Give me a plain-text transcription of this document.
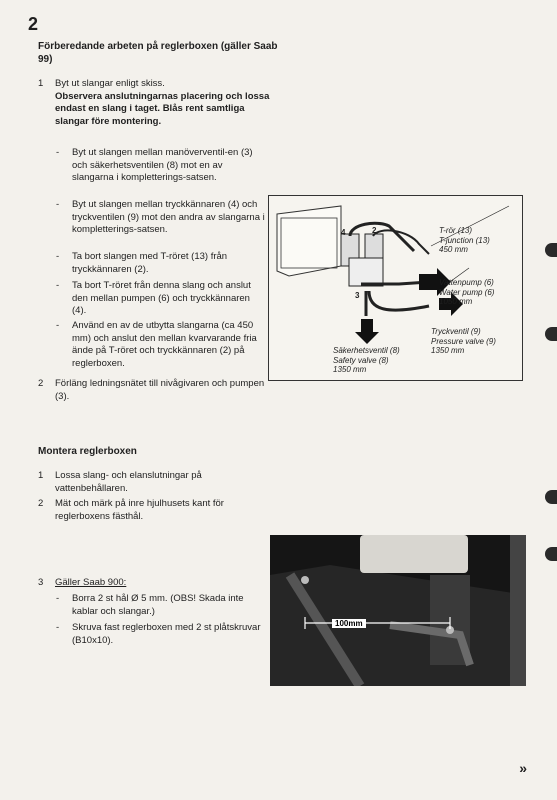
2
Förberedande arbeten på reglerboxen (gäller Saab 99)
1 Byt ut slangar enligt skiss.
Observera anslutningarnas placering och lossa endast en slang i taget. Blås rent samtliga slangar före montering.
- Byt ut slangen mellan manöverventil-en (3) och säkerhetsventilen (8) mot en av slangarna i kompletterings-satsen.
- Byt ut slangen mellan tryckkännaren (4) och tryckventilen (9) mot den andra av slangarna i kompletterings-satsen.
- Ta bort slangen med T-röret (13) från tryckkännaren (2).
- Ta bort T-röret från denna slang och anslut den mellan pumpen (6) och tryckkännaren (4).
- Använd en av de utbytta slangarna (ca 450 mm) och anslut den mellan kvarvarande fria ände på T-röret och tryckkännaren (2) på reglerboxen.
2 Förläng ledningsnätet till nivågivaren och pumpen (3).
4	2
3
T-rör (13)
T-junction (13)
450 mm
Vattenpump (6)
Water pump (6)
1050 mm
Tryckventil (9)
Pressure valve (9)
1350 mm
Säkerhetsventil (8)
Safety valve (8)
1350 mm
Montera reglerboxen
1 Lossa slang- och elanslutningar på vattenbehållaren.
2 Mät och märk på inre hjulhusets kant för reglerboxens fästhål.
3 Gäller Saab 900:
- Borra 2 st hål Ø 5 mm. (OBS! Skada inte kablar och slangar.)
- Skruva fast reglerboxen med 2 st plåtskruvar (B10x10).
100mm
»
